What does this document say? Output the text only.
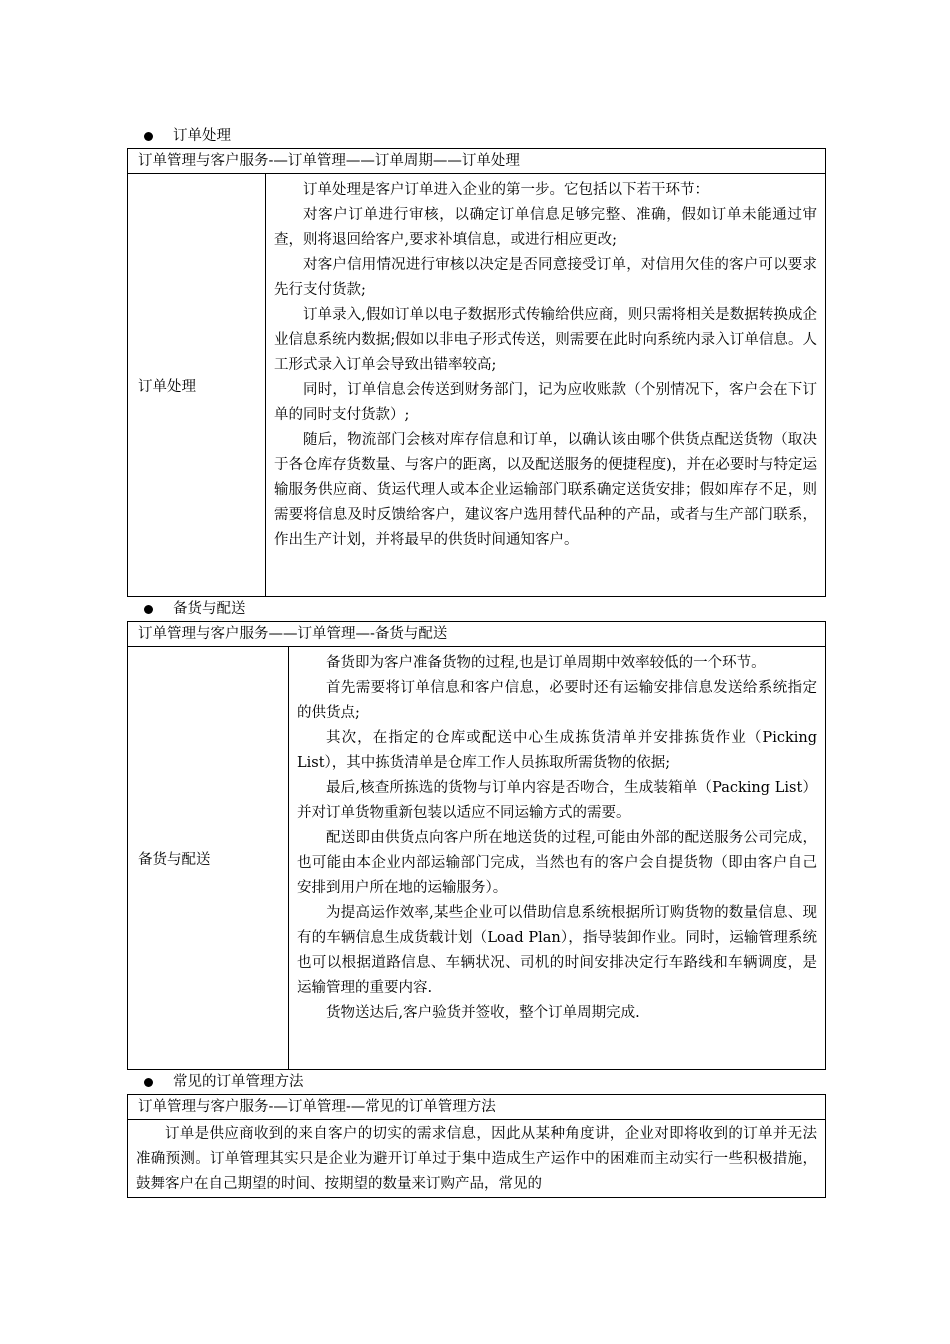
订单处理
订单管理与客户服务-—订单管理——订单周期——订单处理
订单处理	

订单处理是客户订单进入企业的第一步。它包括以下若干环节：

对客户订单进行审核，以确定订单信息足够完整、准确，假如订单未能通过审查，则将退回给客户,要求补填信息，或进行相应更改;

对客户信用情况进行审核以决定是否同意接受订单，对信用欠佳的客户可以要求先行支付货款;

订单录入,假如订单以电子数据形式传输给供应商，则只需将相关是数据转换成企业信息系统内数据;假如以非电子形式传送，则需要在此时向系统内录入订单信息。人工形式录入订单会导致出错率较高;

同时，订单信息会传送到财务部门，记为应收账款（个别情况下，客户会在下订单的同时支付货款）;

随后，物流部门会核对库存信息和订单，以确认该由哪个供货点配送货物（取决于各仓库存货数量、与客户的距离，以及配送服务的便捷程度)，并在必要时与特定运输服务供应商、货运代理人或本企业运输部门联系确定送货安排；假如库存不足，则需要将信息及时反馈给客户，建议客户选用替代品种的产品，或者与生产部门联系，作出生产计划，并将最早的供货时间通知客户。

备货与配送
订单管理与客户服务——订单管理—-备货与配送
备货与配送	

备货即为客户准备货物的过程,也是订单周期中效率较低的一个环节。

首先需要将订单信息和客户信息，必要时还有运输安排信息发送给系统指定的供货点;

其次，在指定的仓库或配送中心生成拣货清单并安排拣货作业（Picking List），其中拣货清单是仓库工作人员拣取所需货物的依据;

最后,核查所拣选的货物与订单内容是否吻合，生成装箱单（Packing List）并对订单货物重新包装以适应不同运输方式的需要。

配送即由供货点向客户所在地送货的过程,可能由外部的配送服务公司完成，也可能由本企业内部运输部门完成，当然也有的客户会自提货物（即由客户自己安排到用户所在地的运输服务）。

为提高运作效率,某些企业可以借助信息系统根据所订购货物的数量信息、现有的车辆信息生成货载计划（Load Plan），指导装卸作业。同时，运输管理系统也可以根据道路信息、车辆状况、司机的时间安排决定行车路线和车辆调度，是运输管理的重要内容.

货物送达后,客户验货并签收，整个订单周期完成.

常见的订单管理方法
订单管理与客户服务-—订单管理-—常见的订单管理方法

订单是供应商收到的来自客户的切实的需求信息，因此从某种角度讲，企业对即将收到的订单并无法准确预测。订单管理其实只是企业为避开订单过于集中造成生产运作中的困难而主动实行一些积极措施，鼓舞客户在自己期望的时间、按期望的数量来订购产品，常见的
